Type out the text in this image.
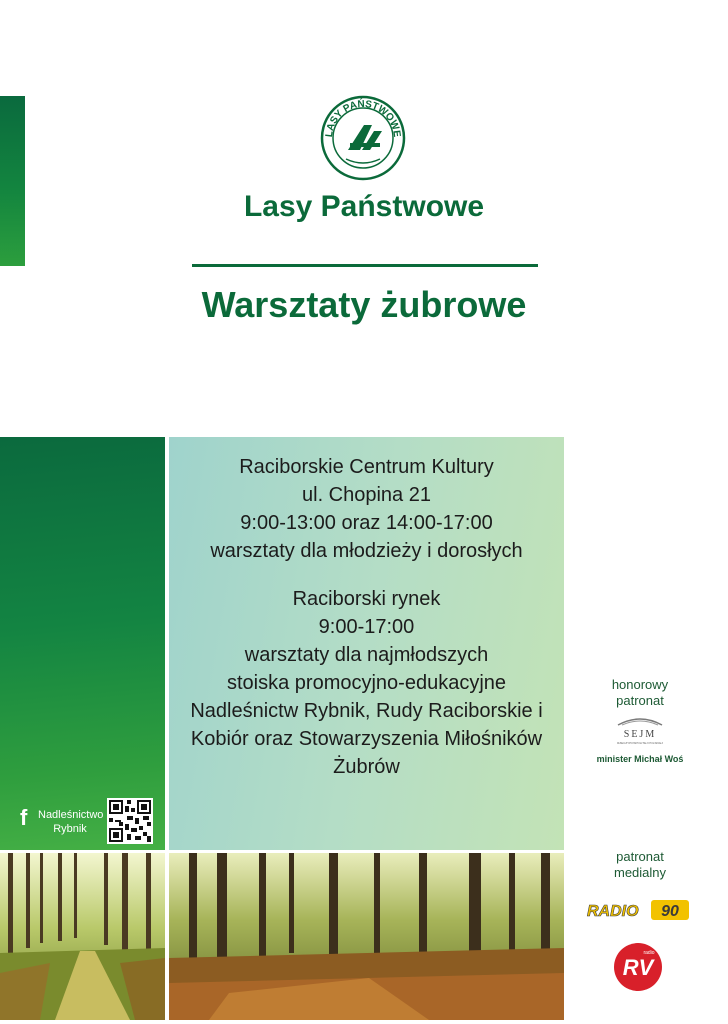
LASY PAŃSTWOWE
Lasy Państwowe
Warsztaty żubrowe
Raciborskie Centrum Kultury
ul. Chopina 21
9:00-13:00 oraz 14:00-17:00
warsztaty dla młodzieży i dorosłych
Raciborski rynek
9:00-17:00
warsztaty dla najmłodszych
stoiska promocyjno-edukacyjne
Nadleśnictw Rybnik, Rudy Raciborskie i
Kobiór oraz Stowarzyszenia Miłośników
Żubrów
f Nadleśnictwo
Rybnik
honorowy
patronat
SEJM
RZECZYPOSPOLITEJ POLSKIEJ
minister Michał Woś
patronat
medialny
RADIO 90
RV
radio
